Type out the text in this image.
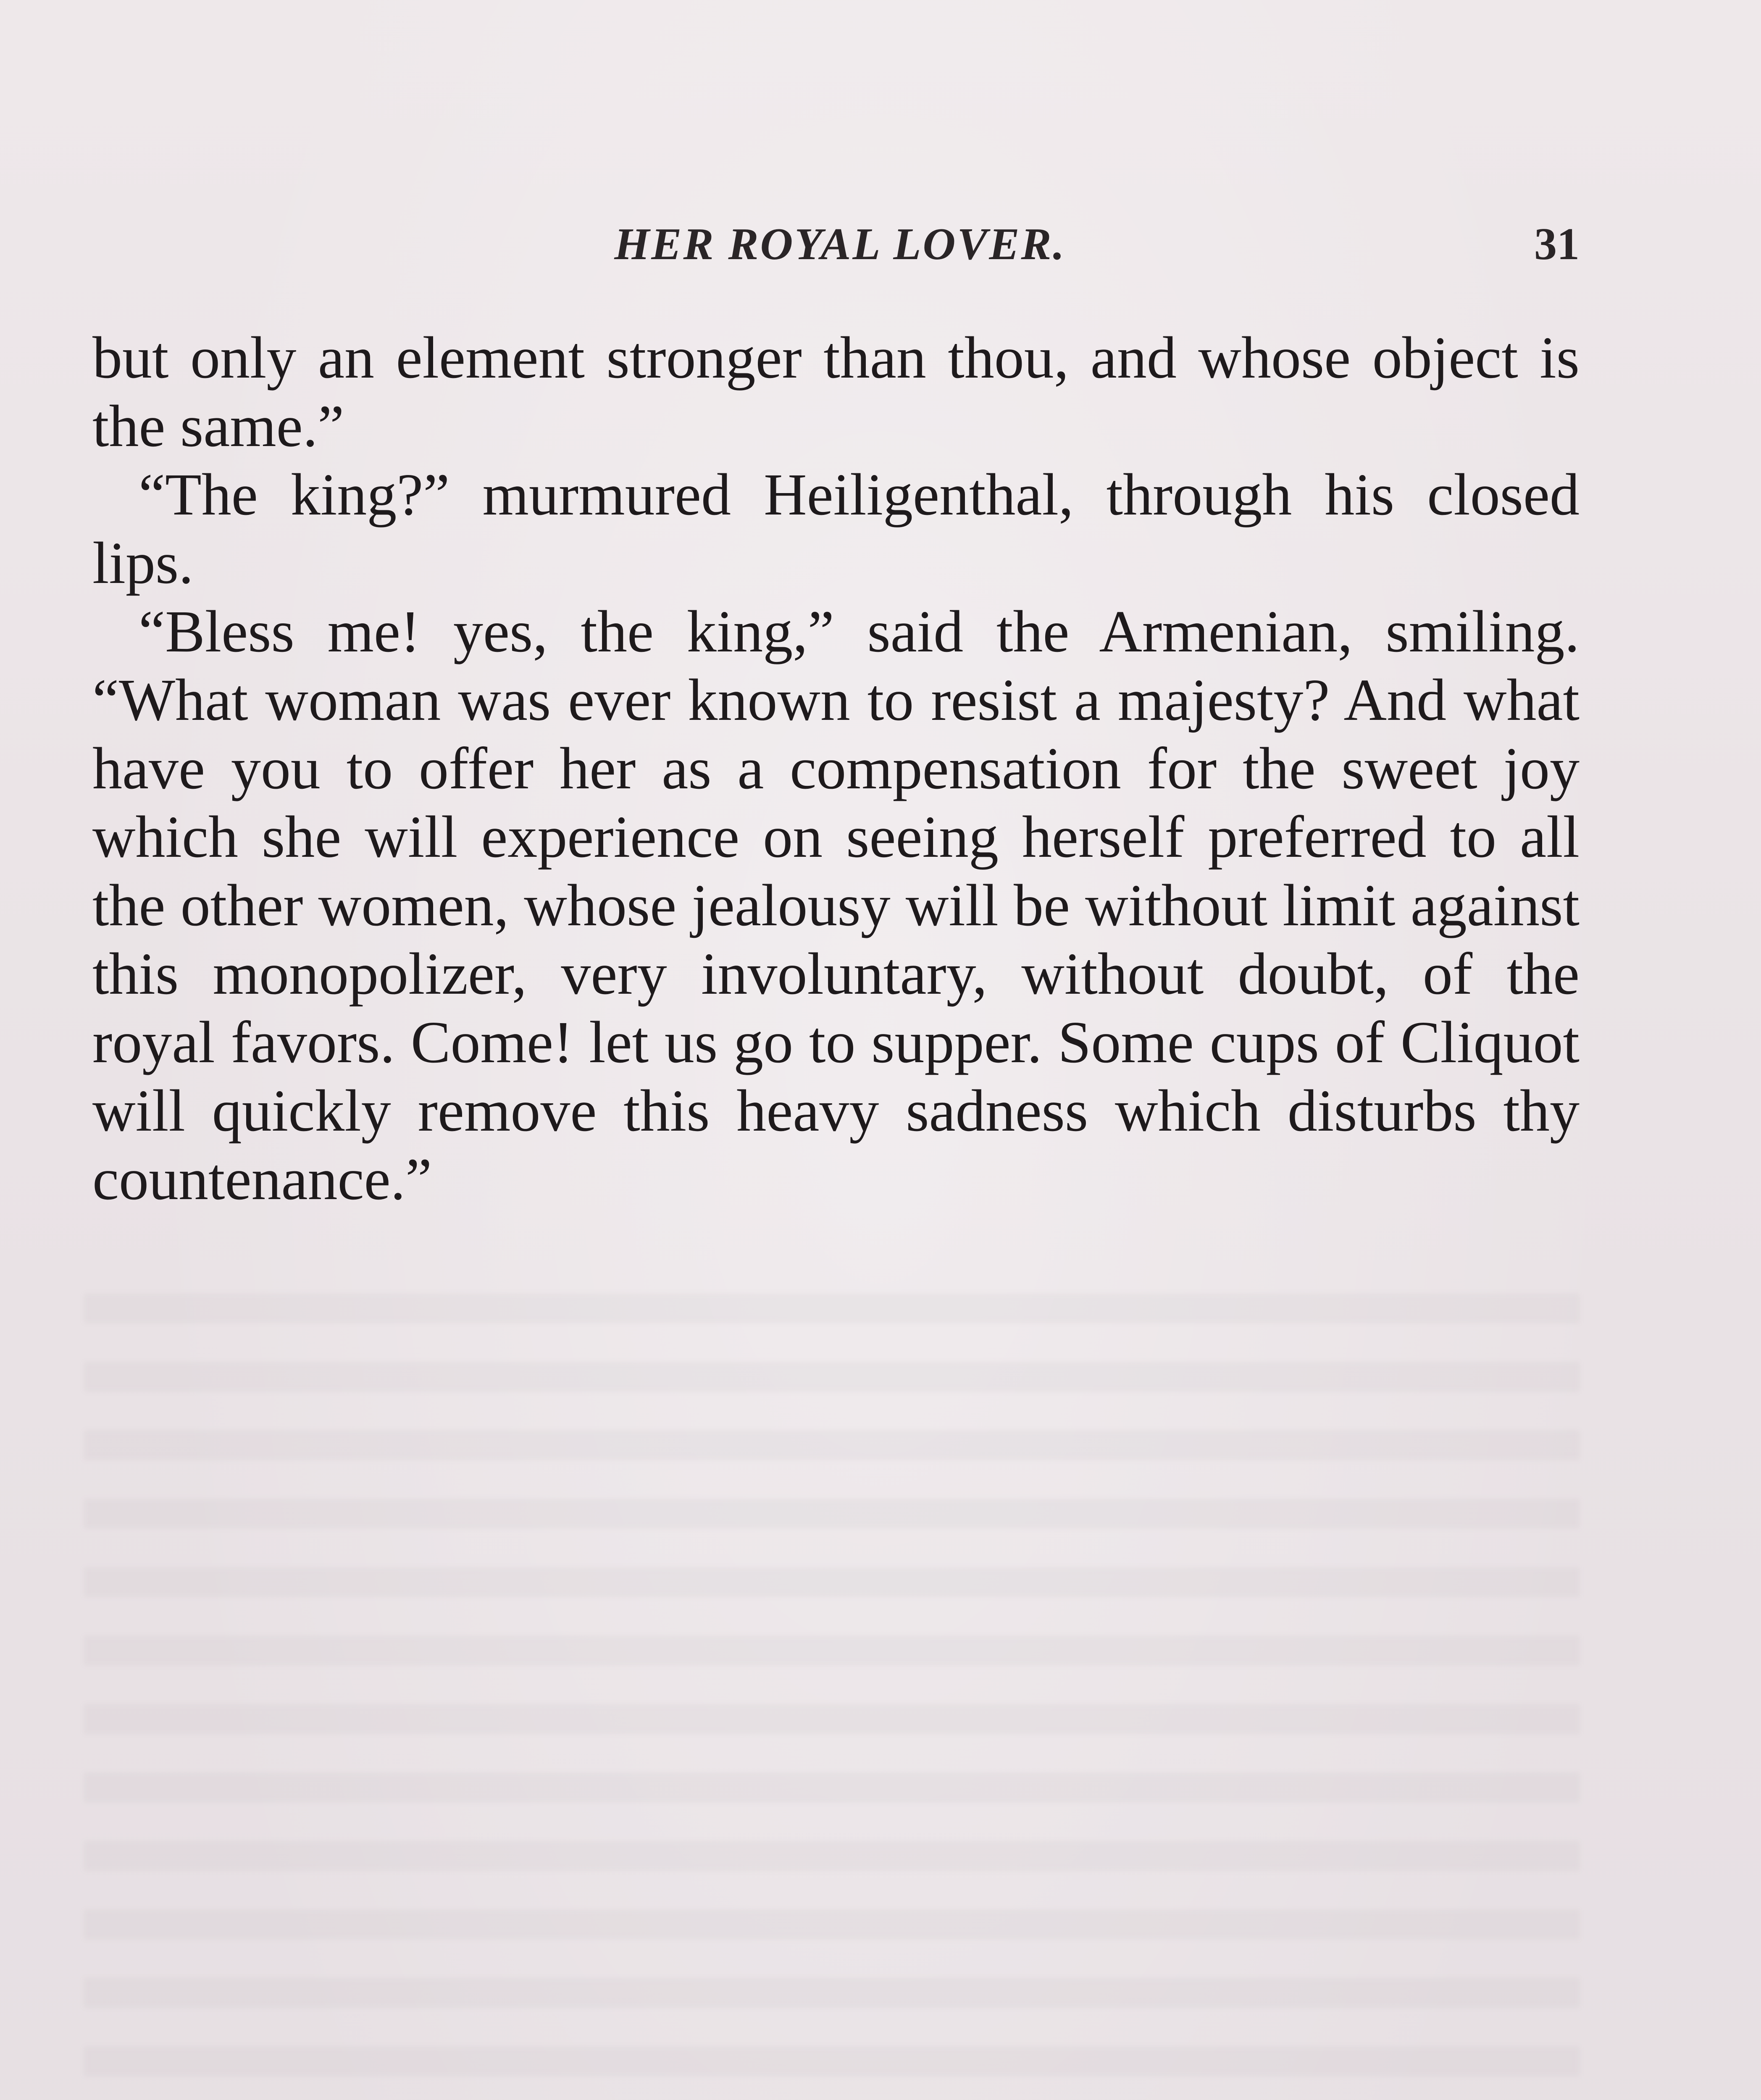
HER ROYAL LOVER.	31

but only an element stronger than thou, and whose object is the same.”

“The king?” murmured Heiligenthal, through his closed lips.

“Bless me! yes, the king,” said the Armenian, smiling. “What woman was ever known to resist a majesty? And what have you to offer her as a compensation for the sweet joy which she will experience on seeing herself preferred to all the other women, whose jealousy will be without limit against this monopolizer, very involuntary, without doubt, of the royal favors. Come! let us go to supper. Some cups of Cliquot will quickly remove this heavy sadness which disturbs thy countenance.”
